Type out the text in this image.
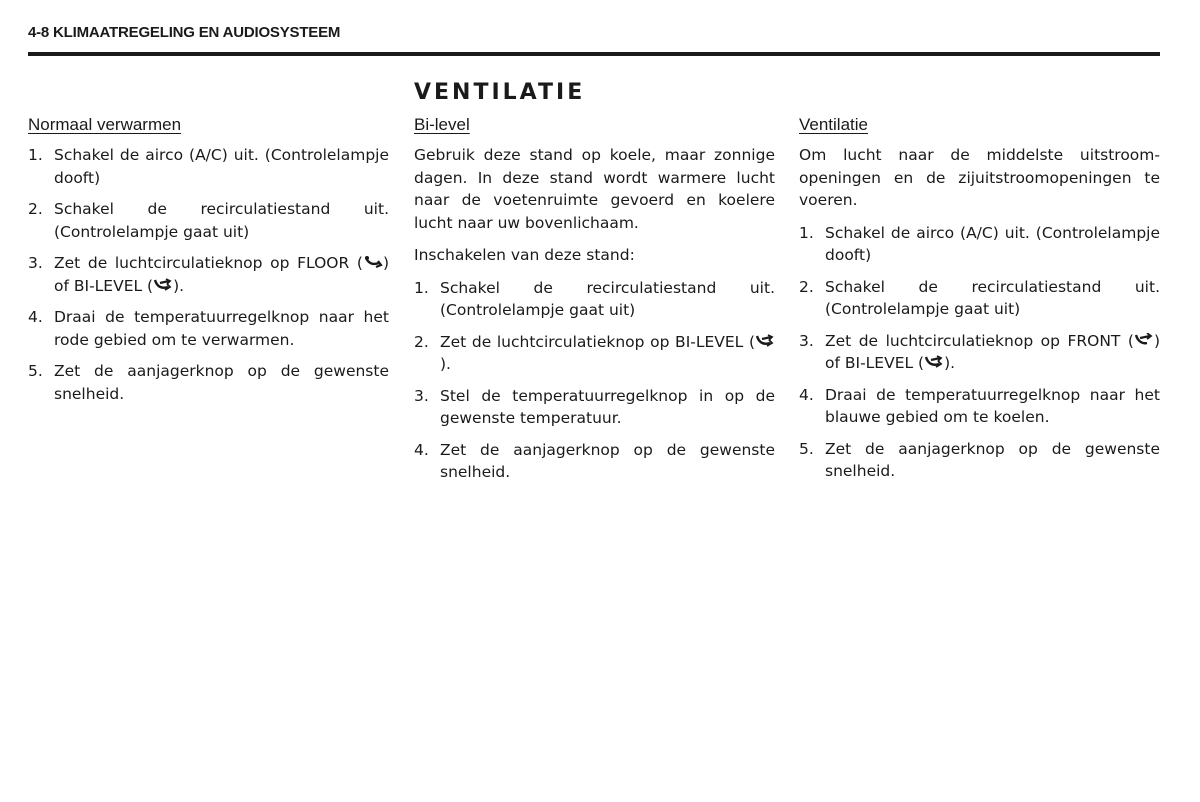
4-8 KLIMAATREGELING EN AUDIOSYSTEEM
VENTILATIE
Normaal verwarmen
1. Schakel de airco (A/C) uit. (Controlelampje dooft)
2. Schakel de recirculatiestand uit. (Controlelampje gaat uit)
3. Zet de luchtcirculatieknop op FLOOR ( ) of BI-LEVEL ( ).
4. Draai de temperatuurregelknop naar het rode gebied om te verwarmen.
5. Zet de aanjagerknop op de gewenste snelheid.
Bi-level

Gebruik deze stand op koele, maar zonnige dagen. In deze stand wordt warmere lucht naar de voetenruimte gevoerd en koelere lucht naar uw bovenlichaam.

Inschakelen van deze stand:

1. Schakel de recirculatiestand uit. (Controlelampje gaat uit)
2. Zet de luchtcirculatieknop op BI-LEVEL (
).
3. Stel de temperatuurregelknop in op de gewenste temperatuur.
4. Zet de aanjagerknop op de gewenste snelheid.
Ventilatie

Om lucht naar de middelste uitstroom-openingen en de zijuitstroomopeningen te voeren.

1. Schakel de airco (A/C) uit. (Controlelampje dooft)
2. Schakel de recirculatiestand uit. (Controlelampje gaat uit)
3. Zet de luchtcirculatieknop op FRONT ( ) of BI-LEVEL ( ).
4. Draai de temperatuurregelknop naar het blauwe gebied om te koelen.
5. Zet de aanjagerknop op de gewenste snelheid.
